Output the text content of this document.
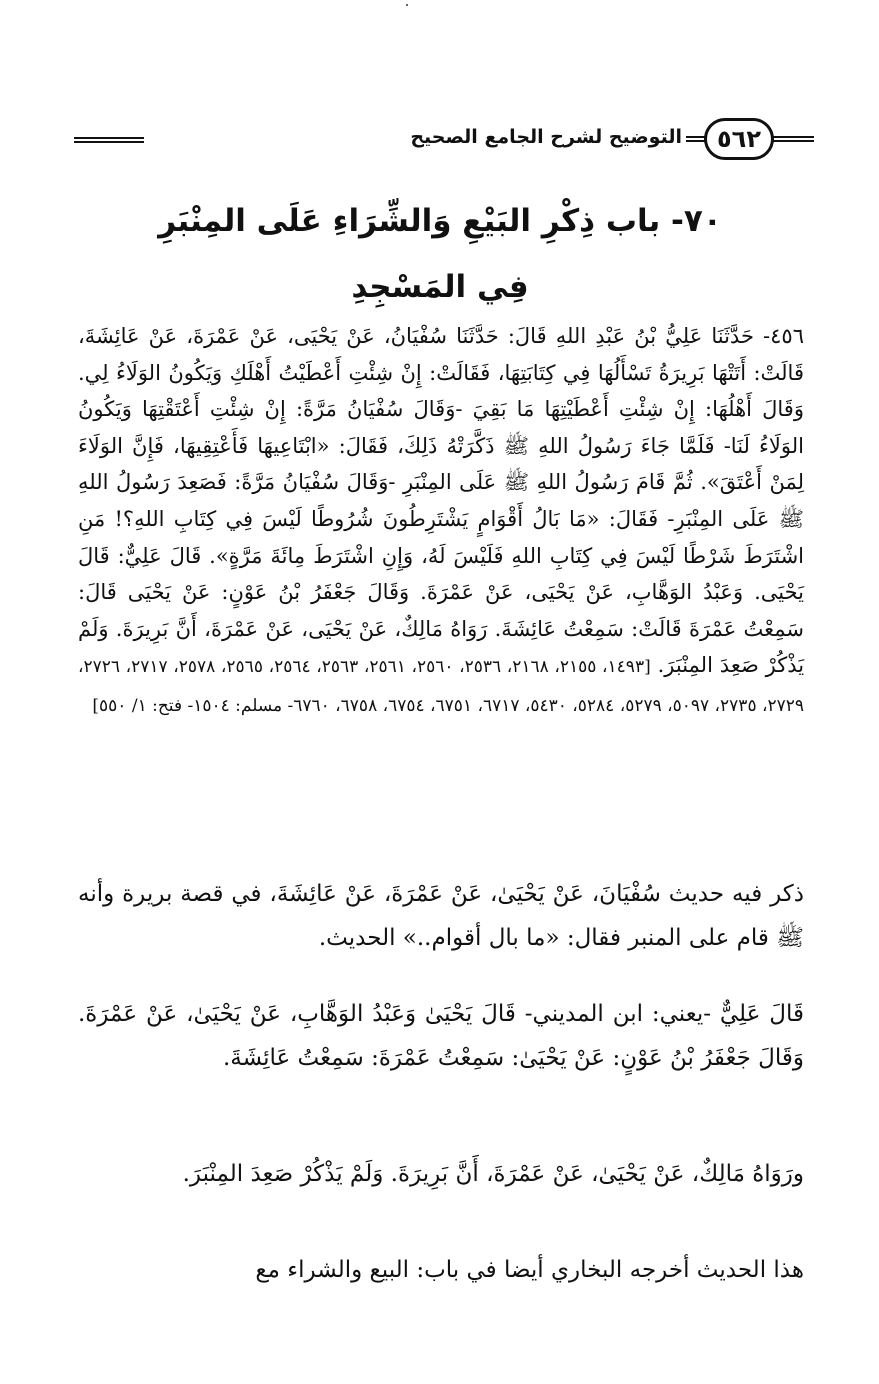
٥٦٢
التوضيح لشرح الجامع الصحيح
٧٠- باب ذِكْرِ البَيْعِ وَالشِّرَاءِ عَلَى المِنْبَرِ
فِي المَسْجِدِ
٤٥٦- حَدَّثَنَا عَلِيُّ بْنُ عَبْدِ اللهِ قَالَ: حَدَّثَنَا سُفْيَانُ، عَنْ يَحْيَى، عَنْ عَمْرَةَ، عَنْ عَائِشَةَ، قَالَتْ: أَتَتْهَا بَرِيرَةُ تَسْأَلُهَا فِي كِتَابَتِهَا، فَقَالَتْ: إِنْ شِئْتِ أَعْطَيْتُ أَهْلَكِ وَيَكُونُ الوَلَاءُ لِي. وَقَالَ أَهْلُهَا: إِنْ شِئْتِ أَعْطَيْتِهَا مَا بَقِيَ -وَقَالَ سُفْيَانُ مَرَّةً: إِنْ شِئْتِ أَعْتَقْتِهَا وَيَكُونُ الوَلَاءُ لَنَا- فَلَمَّا جَاءَ رَسُولُ اللهِ ﷺ ذَكَّرَتْهُ ذَلِكَ، فَقَالَ: «ابْتَاعِيهَا فَأَعْتِقِيهَا، فَإِنَّ الوَلَاءَ لِمَنْ أَعْتَقَ». ثُمَّ قَامَ رَسُولُ اللهِ ﷺ عَلَى المِنْبَرِ -وَقَالَ سُفْيَانُ مَرَّةً: فَصَعِدَ رَسُولُ اللهِ ﷺ عَلَى المِنْبَرِ- فَقَالَ: «مَا بَالُ أَقْوَامٍ يَشْتَرِطُونَ شُرُوطًا لَيْسَ فِي كِتَابِ اللهِ؟! مَنِ اشْتَرَطَ شَرْطًا لَيْسَ فِي كِتَابِ اللهِ فَلَيْسَ لَهُ، وَإِنِ اشْتَرَطَ مِائَةَ مَرَّةٍ». قَالَ عَلِيٌّ: قَالَ يَحْيَى. وَعَبْدُ الوَهَّابِ، عَنْ يَحْيَى، عَنْ عَمْرَةَ. وَقَالَ جَعْفَرُ بْنُ عَوْنٍ: عَنْ يَحْيَى قَالَ: سَمِعْتُ عَمْرَةَ قَالَتْ: سَمِعْتُ عَائِشَةَ. رَوَاهُ مَالِكٌ، عَنْ يَحْيَى، عَنْ عَمْرَةَ، أَنَّ بَرِيرَةَ. وَلَمْ يَذْكُرْ صَعِدَ المِنْبَرَ. [١٤٩٣، ٢١٥٥، ٢١٦٨، ٢٥٣٦، ٢٥٦٠، ٢٥٦١، ٢٥٦٣، ٢٥٦٤، ٢٥٦٥، ٢٥٧٨، ٢٧١٧، ٢٧٢٦، ٢٧٢٩، ٢٧٣٥، ٥٠٩٧، ٥٢٧٩، ٥٢٨٤، ٥٤٣٠، ٦٧١٧، ٦٧٥١، ٦٧٥٤، ٦٧٥٨، ٦٧٦٠- مسلم: ١٥٠٤- فتح: ١/ ٥٥٠]

ذكر فيه حديث سُفْيَانَ، عَنْ يَحْيَىٰ، عَنْ عَمْرَةَ، عَنْ عَائِشَةَ، في قصة بريرة وأنه ﷺ قام على المنبر فقال: «ما بال أقوام..» الحديث.

قَالَ عَلِيٌّ -يعني: ابن المديني- قَالَ يَحْيَىٰ وَعَبْدُ الوَهَّابِ، عَنْ يَحْيَىٰ، عَنْ عَمْرَةَ. وَقَالَ جَعْفَرُ بْنُ عَوْنٍ: عَنْ يَحْيَىٰ: سَمِعْتُ عَمْرَةَ: سَمِعْتُ عَائِشَةَ.

ورَوَاهُ مَالِكٌ، عَنْ يَحْيَىٰ، عَنْ عَمْرَةَ، أَنَّ بَرِيرَةَ. وَلَمْ يَذْكُرْ صَعِدَ المِنْبَرَ.

هذا الحديث أخرجه البخاري أيضا في باب: البيع والشراء مع
